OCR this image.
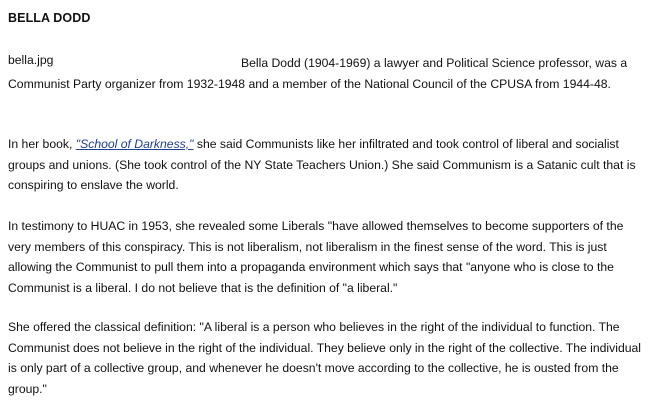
BELLA DODD
bella.jpg	Bella Dodd (1904-1969) a lawyer and Political Science professor, was a Communist Party organizer from 1932-1948 and a member of the National Council of the CPUSA from 1944-48.

In her book, "School of Darkness," she said Communists like her infiltrated and took control of liberal and socialist groups and unions. (She took control of the NY State Teachers Union.) She said Communism is a Satanic cult that is conspiring to enslave the world.

In testimony to HUAC in 1953, she revealed some Liberals "have allowed themselves to become supporters of the very members of this conspiracy. This is not liberalism, not liberalism in the finest sense of the word. This is just allowing the Communist to pull them into a propaganda environment which says that "anyone who is close to the Communist is a liberal. I do not believe that is the definition of "a liberal."

She offered the classical definition: "A liberal is a person who believes in the right of the individual to function. The Communist does not believe in the right of the individual. They believe only in the right of the collective. The individual is only part of a collective group, and whenever he doesn't move according to the collective, he is ousted from the group."
